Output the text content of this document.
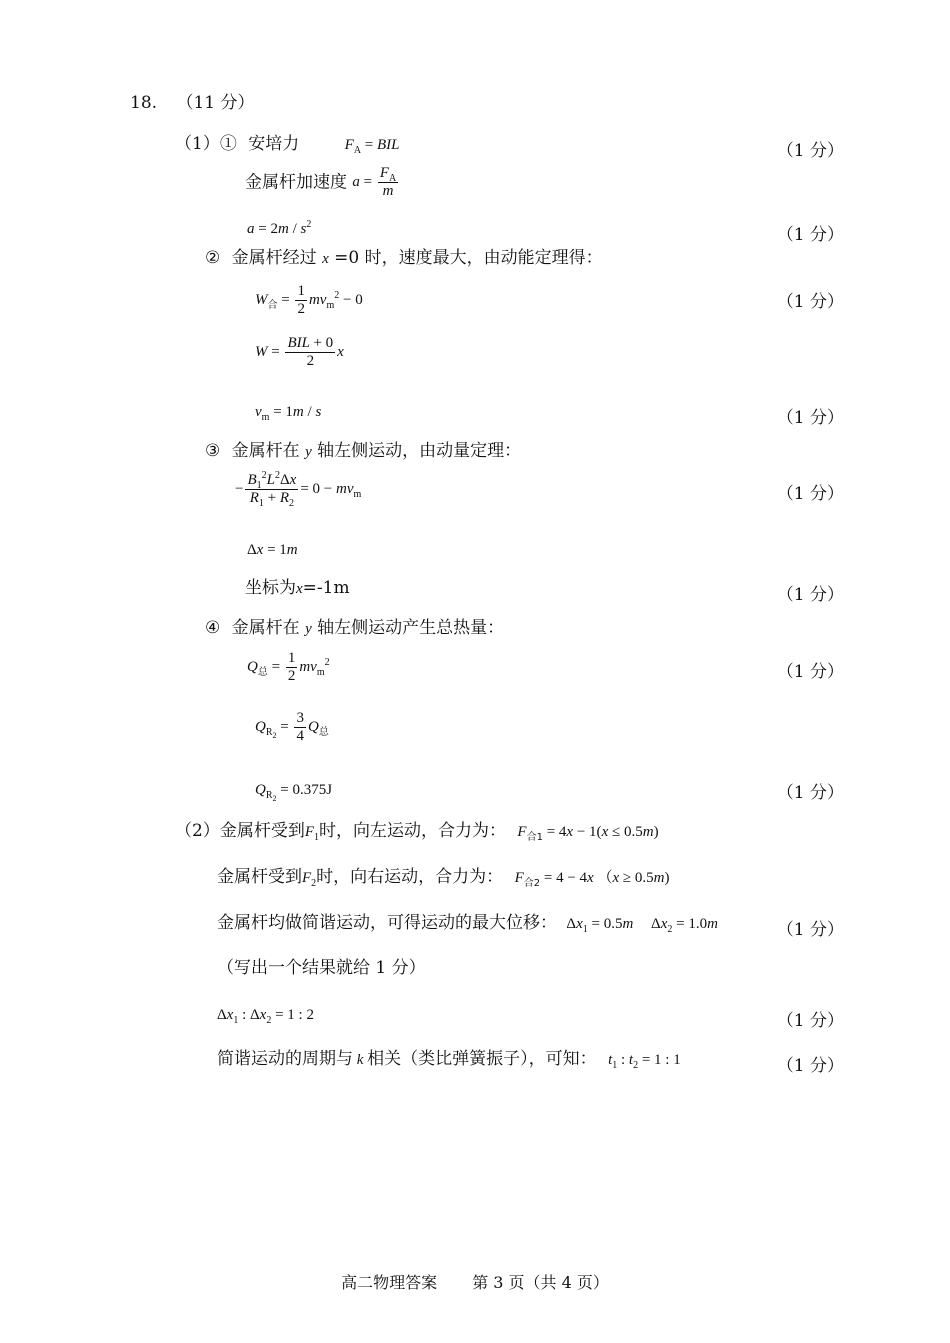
18. （11 分）
（1）① 安培力	$F_A$ = BIL	（1 分）
金属杆加速度 $a = \frac{F_A}{m}$
$a = 2m / s^2$
（1 分）
② 金属杆经过 x =0 时，速度最大，由动能定理得：
$W_合 = \frac{1}{2} mv_m^2 - 0$	（1 分）
$W = \frac{\text{BIL + 0}}{2}$ x
$v_m = 1m / s$	（1 分）
③ 金属杆在 y 轴左侧运动，由动量定理：
− $\frac{B_1^2L^2\Delta x}{R_1 + R_2} = 0 - mv_m$	（1 分）
Δx = 1m
坐标为x=-1m	（1 分）
④ 金属杆在 y 轴左侧运动产生总热量：
$Q_总 = \frac{1}{2} mv_m^2$	（1 分）
$Q_{R_2} = \frac{3}{4} Q_总$
$Q_{R_2} = 0.375J$	（1 分）
（2）金属杆受到$F_1$时，向左运动，合力为： $F_{合1} = 4x - 1(x \le 0.5m)$
金属杆受到$F_2$时，向右运动，合力为： $F_{合2} = 4 - 4x$ （x ≥ 0.5m)
金属杆均做简谐运动，可得运动的最大位移： $\Delta x_1 = 0.5m$ $\Delta x_2 = 1.0m$	（1 分）
（写出一个结果就给 1 分）
$\Delta x_1$ : $\Delta x_2 = 1$ : 2	（1 分）
简谐运动的周期与 k 相关（类比弹簧振子），可知： $t_1$ : $t_2 = 1$ : 1	（1 分）
高二物理答案 第 3 页（共 4 页）
